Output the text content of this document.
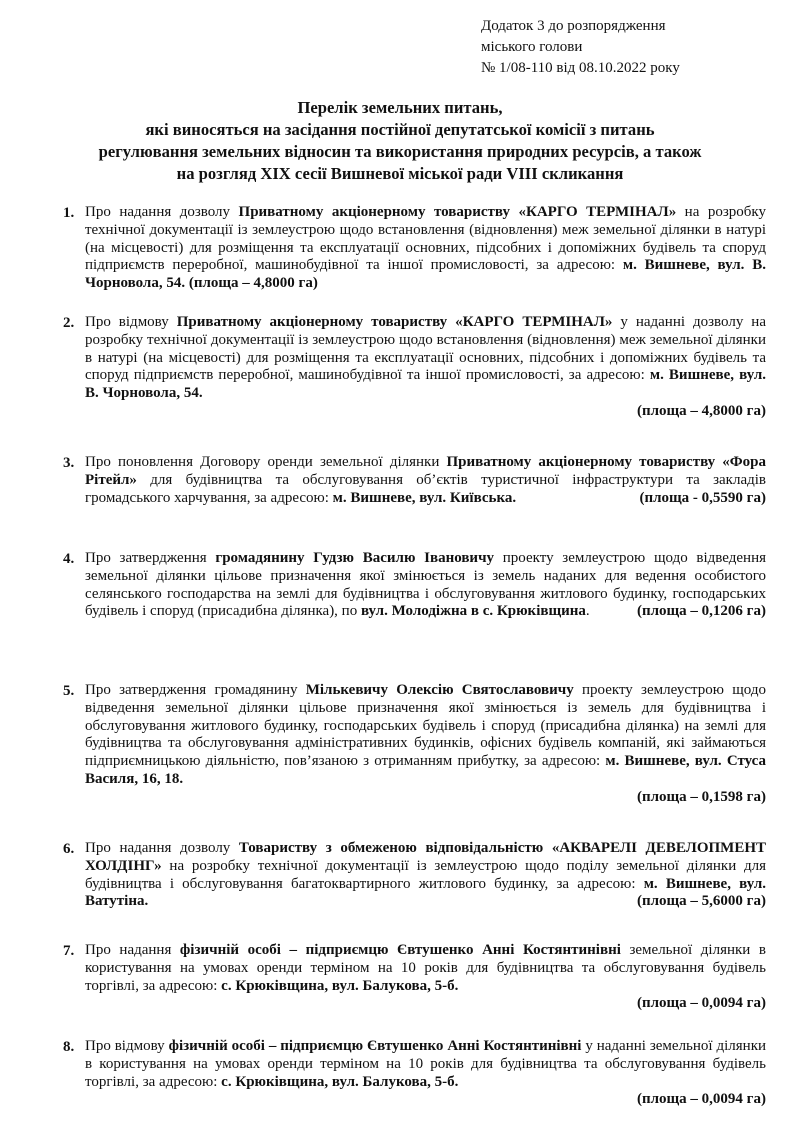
Додаток 3 до розпорядження
міського голови
№ 1/08-110 від 08.10.2022 року
Перелік земельних питань,
які виносяться на засідання постійної депутатської комісії з питань
регулювання земельних відносин та використання природних ресурсів, а також
на розгляд XIX сесії Вишневої міської ради VIII скликання
1. Про надання дозволу Приватному акціонерному товариству «КАРГО ТЕРМІНАЛ» на розробку технічної документації із землеустрою щодо встановлення (відновлення) меж земельної ділянки в натурі (на місцевості) для розміщення та експлуатації основних, підсобних і допоміжних будівель та споруд підприємств переробної, машинобудівної та іншої промисловості, за адресою: м. Вишневе, вул. В. Чорновола, 54. (площа – 4,8000 га)
2. Про відмову Приватному акціонерному товариству «КАРГО ТЕРМІНАЛ» у наданні дозволу на розробку технічної документації із землеустрою щодо встановлення (відновлення) меж земельної ділянки в натурі (на місцевості) для розміщення та експлуатації основних, підсобних і допоміжних будівель та споруд підприємств переробної, машинобудівної та іншої промисловості, за адресою: м. Вишневе, вул. В. Чорновола, 54.
(площа – 4,8000 га)
3. Про поновлення Договору оренди земельної ділянки Приватному акціонерному товариству «Фора Рітейл» для будівництва та обслуговування об’єктів туристичної інфраструктури та закладів громадського харчування, за адресою: м. Вишневе, вул. Київська.	(площа - 0,5590 га)
4. Про затвердження громадянину Гудзю Василю Івановичу проекту землеустрою щодо відведення земельної ділянки цільове призначення якої змінюється із земель наданих для ведення особистого селянського господарства на землі для будівництва і обслуговування житлового будинку, господарських будівель і споруд (присадибна ділянка), по вул. Молодіжна в с. Крюківщина.	(площа – 0,1206 га)
5. Про затвердження громадянину Мількевичу Олексію Святославовичу проекту землеустрою щодо відведення земельної ділянки цільове призначення якої змінюється із земель для будівництва і обслуговування житлового будинку, господарських будівель і споруд (присадибна ділянка) на землі для будівництва та обслуговування адміністративних будинків, офісних будівель компаній, які займаються підприємницькою діяльністю, пов’язаною з отриманням прибутку, за адресою: м. Вишневе, вул. Стуса Василя, 16, 18.
(площа – 0,1598 га)
6. Про надання дозволу Товариству з обмеженою відповідальністю «АКВАРЕЛІ ДЕВЕЛОПМЕНТ ХОЛДІНГ» на розробку технічної документації із землеустрою щодо поділу земельної ділянки для будівництва і обслуговування багатоквартирного житлового будинку, за адресою: м. Вишневе, вул. Ватутіна.	(площа – 5,6000 га)
7. Про надання фізичній особі – підприємцю Євтушенко Анні Костянтинівні земельної ділянки в користування на умовах оренди терміном на 10 років для будівництва та обслуговування будівель торгівлі, за адресою: с. Крюківщина, вул. Балукова, 5-б.
(площа – 0,0094 га)
8. Про відмову фізичній особі – підприємцю Євтушенко Анні Костянтинівні у наданні земельної ділянки в користування на умовах оренди терміном на 10 років для будівництва та обслуговування будівель торгівлі, за адресою: с. Крюківщина, вул. Балукова, 5-б.
(площа – 0,0094 га)
